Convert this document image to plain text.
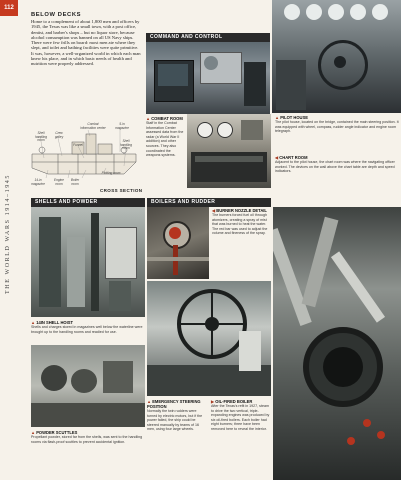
112
THE WORLD WARS 1914–1945
BELOW DECKS
Home to a complement of about 1,800 men and officers by 1945, the Texas was like a small town, with a post office, dentist, and barber's shops – but no liquor store, because alcohol consumption was banned on all US Navy ships. There were few frills on board: most men ate where they slept, and toilet and bathing facilities were quite primitive. It was, however, a well-organized world in which each man knew his place, and in which basic needs of health and nutrition were properly addressed.
Combat information center
Shell handling room
Crew galley
Funnel
5-in magazine
Shell handling room
14-in magazine
Engine room
Boiler room
Plotting room
CROSS SECTION
COMMAND AND CONTROL
▲ COMBAT ROOM
Staff in the Combat Information Center assessed data from the radar (a World War II addition) and other sources. They also coordinated the weapons systems.
▲ PILOT HOUSE
The pilot house, located on the bridge, contained the main steering position. It was equipped with wheel, compass, rudder angle indicator and engine room telegraph.
◀ CHART ROOM
Adjacent to the pilot house, the chart room was where the navigating officer worked. The devices on the wall above the chart table are depth and speed indicators.
SHELLS AND POWDER
▲ 14IN SHELL HOIST
Shells and charges stored in magazines well below the waterline were brought up to the handling rooms and readied for use.
▲ POWDER SCUTTLES
Propellant powder, stored far from the shells, was sent to the handling rooms via flash-proof scuttles to prevent accidental ignition.
BOILERS AND RUDDER
◀ BURNER NOZZLE DETAIL
The burners forced fuel oil through atomizers, creating a spray of mist that was burned to heat the water. The red bar was used to adjust the volume and fineness of the spray.
▲ EMERGENCY STEERING POSITION
Normally the twin rudders were turned by electric motors, but if the power failed, the ship could be steered manually by teams of 16 men, using four large wheels.
▶ OIL-FIRED BOILER
After the Texas's refit in 1927, steam to drive the two vertical, triple-expanding engines was produced by six oil-fired boilers. Each boiler had eight burners; three have been removed here to reveal the interior.
